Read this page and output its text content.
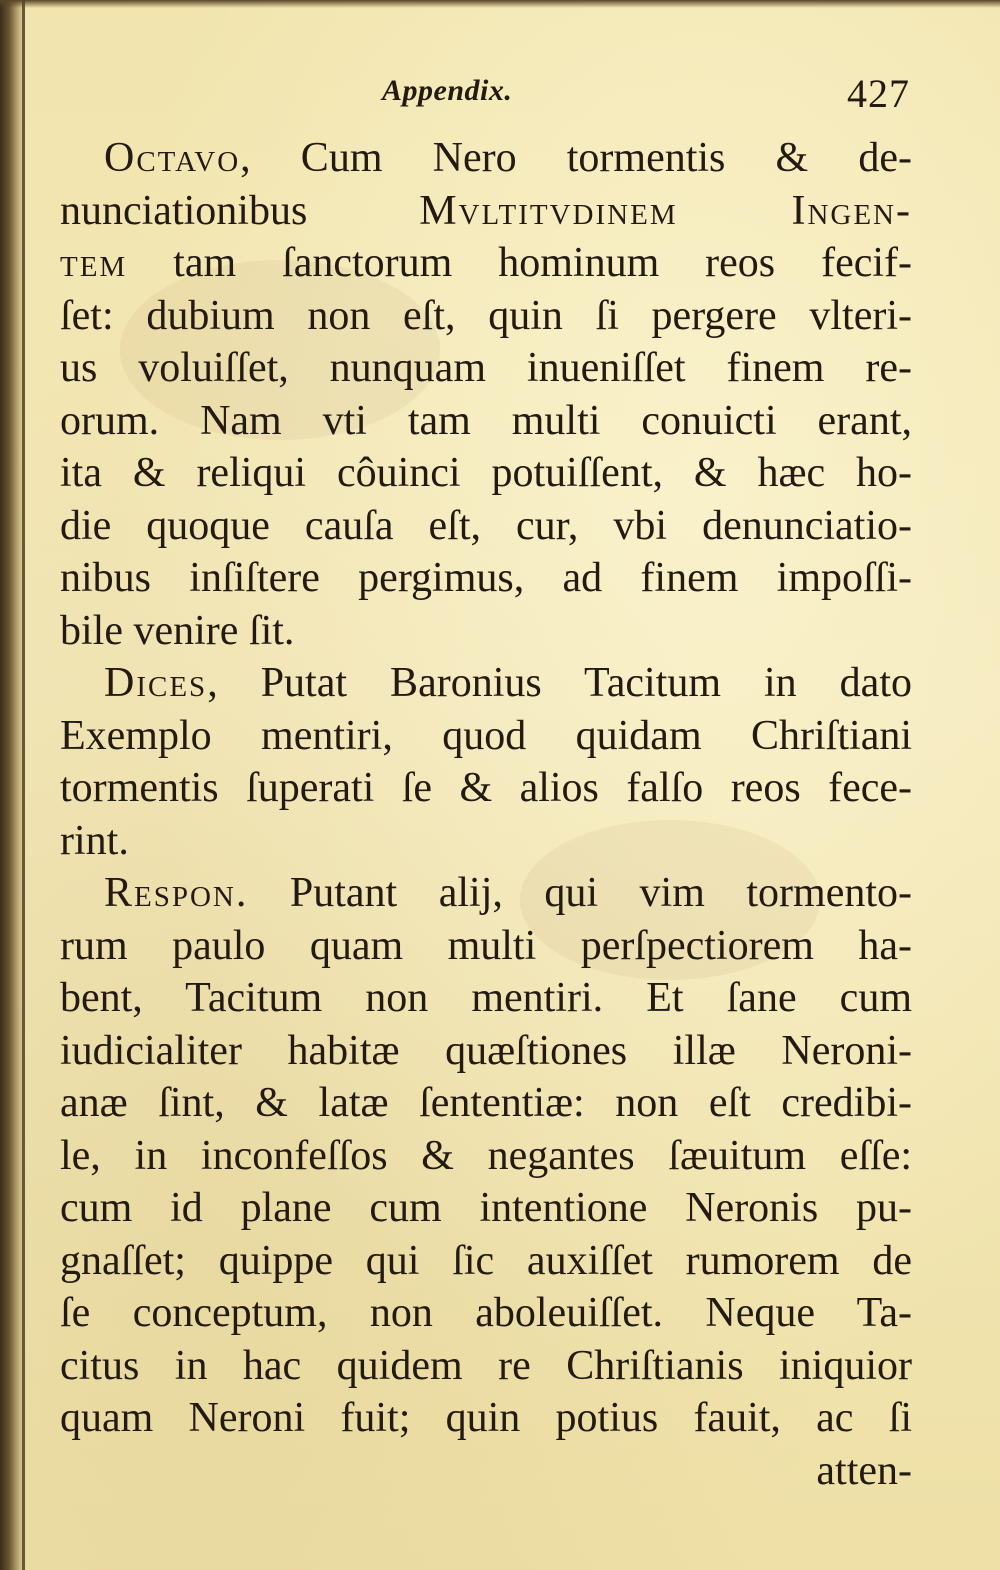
Appendix.	427
Octavo, Cum Nero tormentis & de-
nunciationibus Mvltitvdinem Ingen-
tem tam ſanctorum hominum reos fecif-
ſet: dubium non eſt, quin ſi pergere vlteri-
us voluiſſet, nunquam inueniſſet finem re-
orum. Nam vti tam multi conuicti erant,
ita & reliqui côuinci potuiſſent, & hæc ho-
die quoque cauſa eſt, cur, vbi denunciatio-
nibus inſiſtere pergimus, ad finem impoſſi-
bile venire ſit.
Dices, Putat Baronius Tacitum in dato
Exemplo mentiri, quod quidam Chriſtiani
tormentis ſuperati ſe & alios falſo reos fece-
rint.
Respon. Putant alij, qui vim tormento-
rum paulo quam multi perſpectiorem ha-
bent, Tacitum non mentiri. Et ſane cum
iudicialiter habitæ quæſtiones illæ Neroni-
anæ ſint, & latæ ſententiæ: non eſt credibi-
le, in inconfeſſos & negantes ſæuitum eſſe:
cum id plane cum intentione Neronis pu-
gnaſſet; quippe qui ſic auxiſſet rumorem de
ſe conceptum, non aboleuiſſet. Neque Ta-
citus in hac quidem re Chriſtianis iniquior
quam Neroni fuit; quin potius fauit, ac ſi
atten-
